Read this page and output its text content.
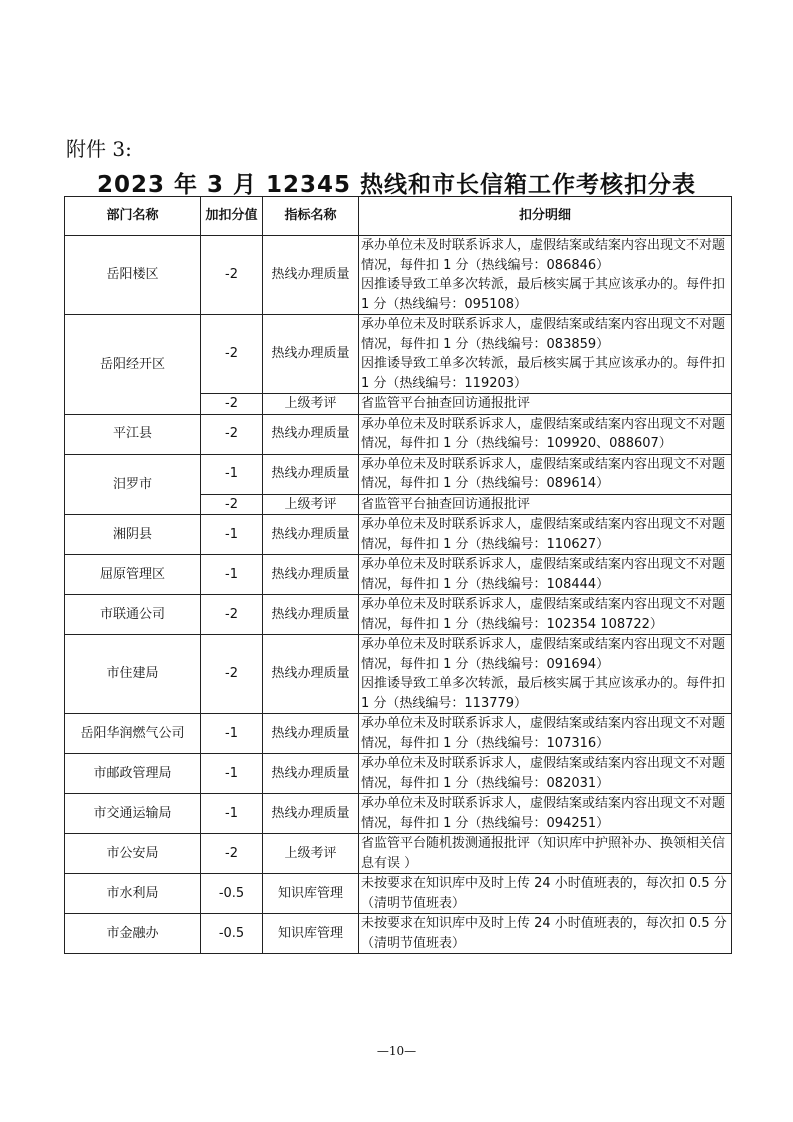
附件 3:
2023 年 3 月 12345 热线和市长信箱工作考核扣分表
部门名称	加扣分值	指标名称	扣分明细
岳阳楼区	-2	热线办理质量	承办单位未及时联系诉求人，虚假结案或结案内容出现文不对题情况，每件扣 1 分（热线编号：086846）
因推诿导致工单多次转派，最后核实属于其应该承办的。每件扣 1 分（热线编号：095108）

岳阳经开区	-2	热线办理质量	承办单位未及时联系诉求人，虚假结案或结案内容出现文不对题情况，每件扣 1 分（热线编号：083859）
因推诿导致工单多次转派，最后核实属于其应该承办的。每件扣 1 分（热线编号：119203）

	-2	上级考评	省监管平台抽查回访通报批评
平江县	-2	热线办理质量	承办单位未及时联系诉求人，虚假结案或结案内容出现文不对题情况，每件扣 1 分（热线编号：109920、088607）
汨罗市	-1	热线办理质量	承办单位未及时联系诉求人，虚假结案或结案内容出现文不对题情况，每件扣 1 分（热线编号：089614）
	-2	上级考评	省监管平台抽查回访通报批评
湘阴县	-1	热线办理质量	承办单位未及时联系诉求人，虚假结案或结案内容出现文不对题情况，每件扣 1 分（热线编号：110627）
屈原管理区	-1	热线办理质量	承办单位未及时联系诉求人，虚假结案或结案内容出现文不对题情况，每件扣 1 分（热线编号：108444）
市联通公司	-2	热线办理质量	承办单位未及时联系诉求人，虚假结案或结案内容出现文不对题情况，每件扣 1 分（热线编号：102354 108722）
市住建局	-2	热线办理质量	承办单位未及时联系诉求人，虚假结案或结案内容出现文不对题情况，每件扣 1 分（热线编号：091694）
因推诿导致工单多次转派，最后核实属于其应该承办的。每件扣 1 分（热线编号：113779）

岳阳华润燃气公司	-1	热线办理质量	承办单位未及时联系诉求人，虚假结案或结案内容出现文不对题情况，每件扣 1 分（热线编号：107316）
市邮政管理局	-1	热线办理质量	承办单位未及时联系诉求人，虚假结案或结案内容出现文不对题情况，每件扣 1 分（热线编号：082031）
市交通运输局	-1	热线办理质量	承办单位未及时联系诉求人，虚假结案或结案内容出现文不对题情况，每件扣 1 分（热线编号：094251）
市公安局	-2	上级考评	省监管平台随机拨测通报批评（知识库中护照补办、换领相关信息有误 ）
市水利局	-0.5	知识库管理	未按要求在知识库中及时上传 24 小时值班表的，每次扣 0.5 分（清明节值班表）
市金融办	-0.5	知识库管理	未按要求在知识库中及时上传 24 小时值班表的，每次扣 0.5 分（清明节值班表）
—10—
